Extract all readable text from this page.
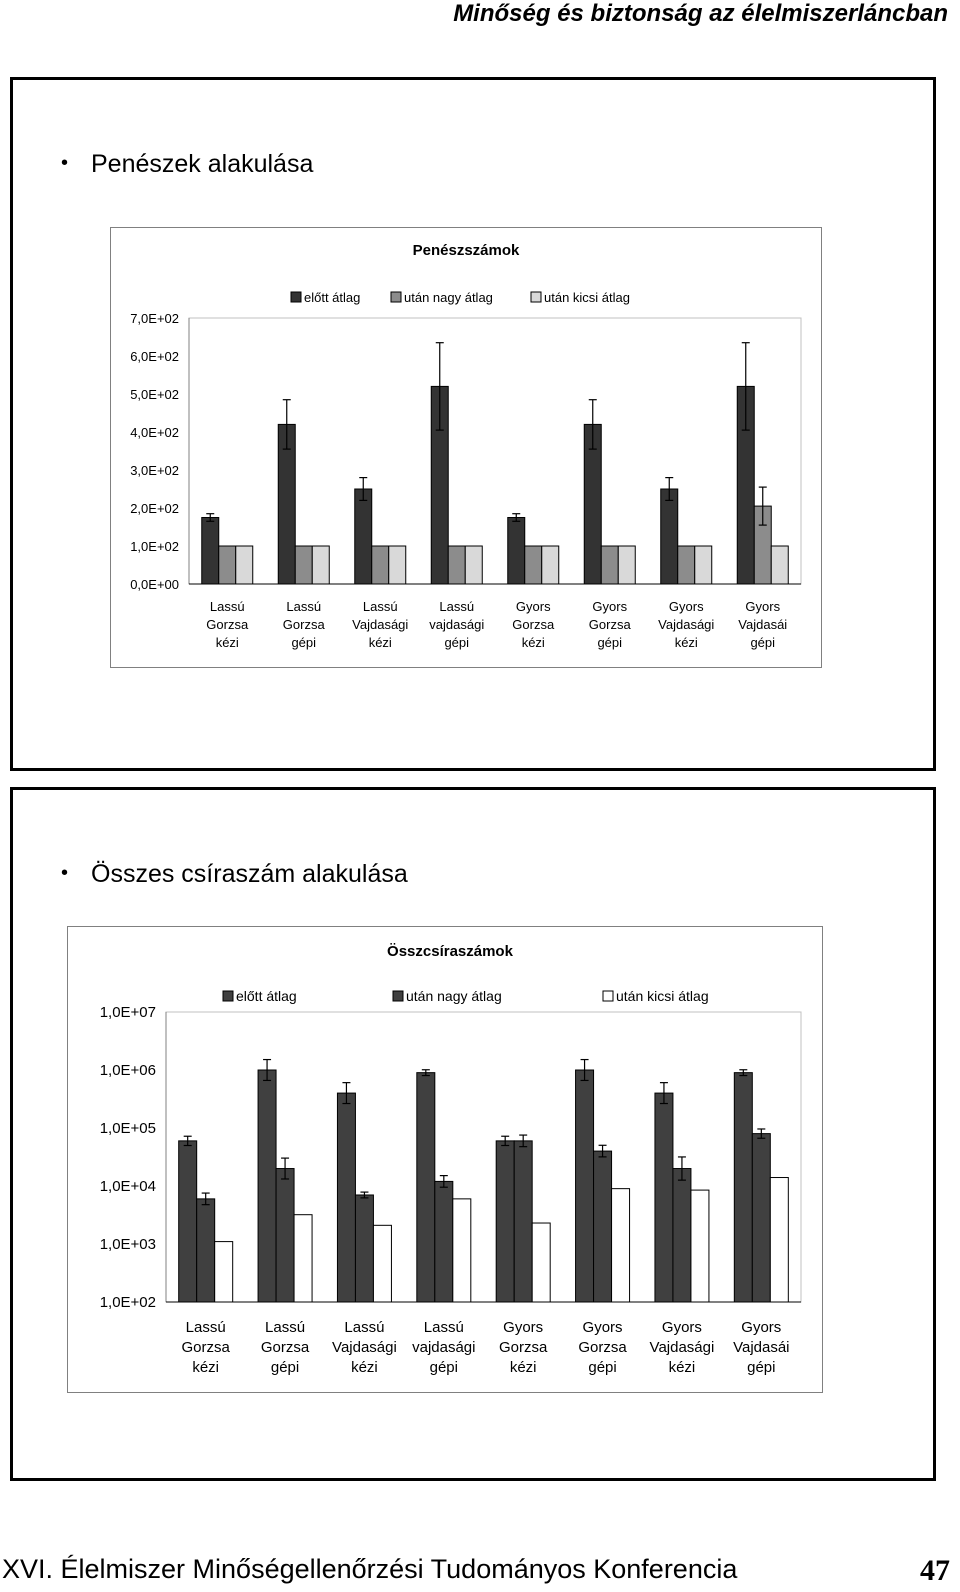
Minőség és biztonság az élelmiszerláncban
• Penészek alakulása
Penészszámok
0,0E+00
1,0E+02
2,0E+02
3,0E+02
4,0E+02
5,0E+02
6,0E+02
7,0E+02
Lassú
Gorzsa
kézi
Lassú
Gorzsa
gépi
Lassú
Vajdasági
kézi
Lassú
vajdasági
gépi
Gyors
Gorzsa
kézi
Gyors
Gorzsa
gépi
Gyors
Vajdasági
kézi
Gyors
Vajdasái
gépi
előtt átlag	után nagy átlag	után kicsi átlag
• Összes csíraszám alakulása
Összcsíraszámok
1,0E+02
1,0E+03
1,0E+04
1,0E+05
1,0E+06
1,0E+07
Lassú
Gorzsa
kézi
Lassú
Gorzsa
gépi
Lassú
Vajdasági
kézi
Lassú
vajdasági
gépi
Gyors
Gorzsa
kézi
Gyors
Gorzsa
gépi
Gyors
Vajdasági
kézi
Gyors
Vajdasái
gépi
előtt átlag	után nagy átlag	után kicsi átlag
XVI. Élelmiszer Minőségellenőrzési Tudományos Konferencia	47
